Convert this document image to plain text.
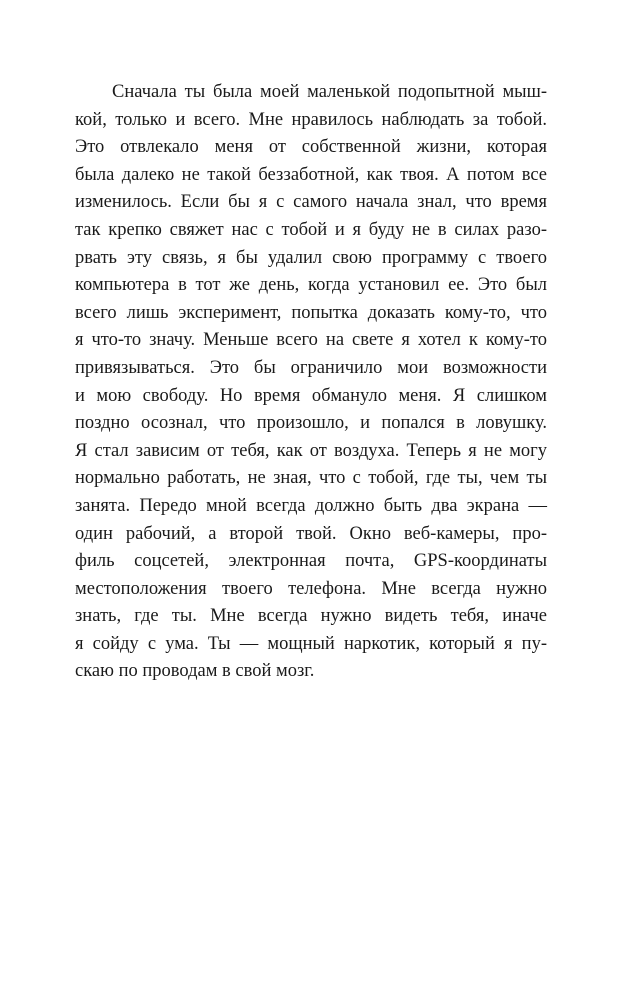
Сначала ты была моей маленькой подопытной мыш-
кой, только и всего. Мне нравилось наблюдать за тобой.
Это отвлекало меня от собственной жизни, которая
была далеко не такой беззаботной, как твоя. А потом все
изменилось. Если бы я с самого начала знал, что время
так крепко свяжет нас с тобой и я буду не в силах разо-
рвать эту связь, я бы удалил свою программу с твоего
компьютера в тот же день, когда установил ее. Это был
всего лишь эксперимент, попытка доказать кому-то, что
я что-то значу. Меньше всего на свете я хотел к кому-то
привязываться. Это бы ограничило мои возможности
и мою свободу. Но время обмануло меня. Я слишком
поздно осознал, что произошло, и попался в ловушку.
Я стал зависим от тебя, как от воздуха. Теперь я не могу
нормально работать, не зная, что с тобой, где ты, чем ты
занята. Передо мной всегда должно быть два экрана —
один рабочий, а второй твой. Окно веб-камеры, про-
филь соцсетей, электронная почта, GPS-координаты
местоположения твоего телефона. Мне всегда нужно
знать, где ты. Мне всегда нужно видеть тебя, иначе
я сойду с ума. Ты — мощный наркотик, который я пу-
скаю по проводам в свой мозг.
